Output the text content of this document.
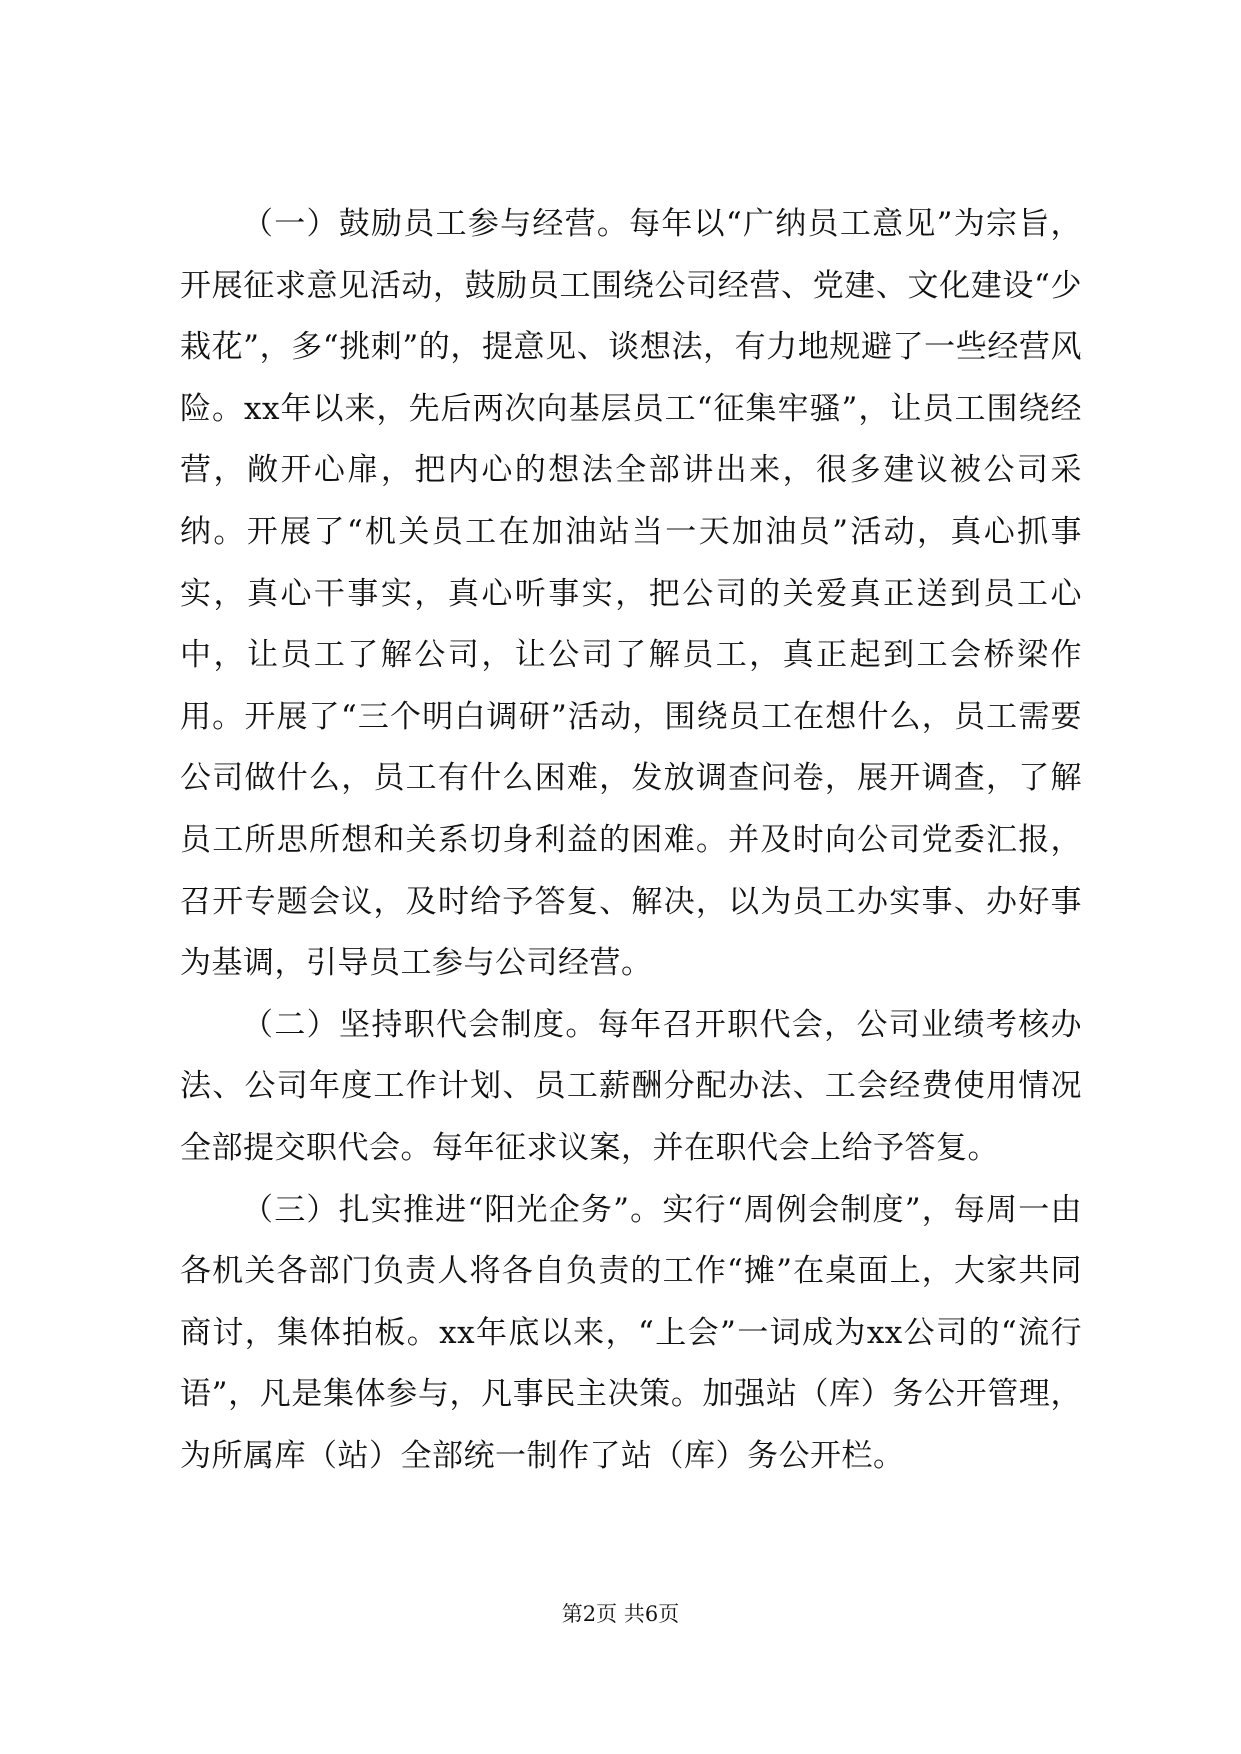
（一）鼓励员工参与经营。每年以“广纳员工意见”为宗旨，开展征求意见活动，鼓励员工围绕公司经营、党建、文化建设“少栽花”，多“挑刺”的，提意见、谈想法，有力地规避了一些经营风险。xx年以来，先后两次向基层员工“征集牢骚”，让员工围绕经营，敞开心扉，把内心的想法全部讲出来，很多建议被公司采纳。开展了“机关员工在加油站当一天加油员”活动，真心抓事实，真心干事实，真心听事实，把公司的关爱真正送到员工心中，让员工了解公司，让公司了解员工，真正起到工会桥梁作用。开展了“三个明白调研”活动，围绕员工在想什么，员工需要公司做什么，员工有什么困难，发放调查问卷，展开调查，了解员工所思所想和关系切身利益的困难。并及时向公司党委汇报，召开专题会议，及时给予答复、解决，以为员工办实事、办好事为基调，引导员工参与公司经营。

（二）坚持职代会制度。每年召开职代会，公司业绩考核办法、公司年度工作计划、员工薪酬分配办法、工会经费使用情况全部提交职代会。每年征求议案，并在职代会上给予答复。

（三）扎实推进“阳光企务”。实行“周例会制度”，每周一由各机关各部门负责人将各自负责的工作“摊”在桌面上，大家共同商讨，集体拍板。xx年底以来，“上会”一词成为xx公司的“流行语”，凡是集体参与，凡事民主决策。加强站（库）务公开管理，为所属库（站）全部统一制作了站（库）务公开栏。

第2页 共6页
